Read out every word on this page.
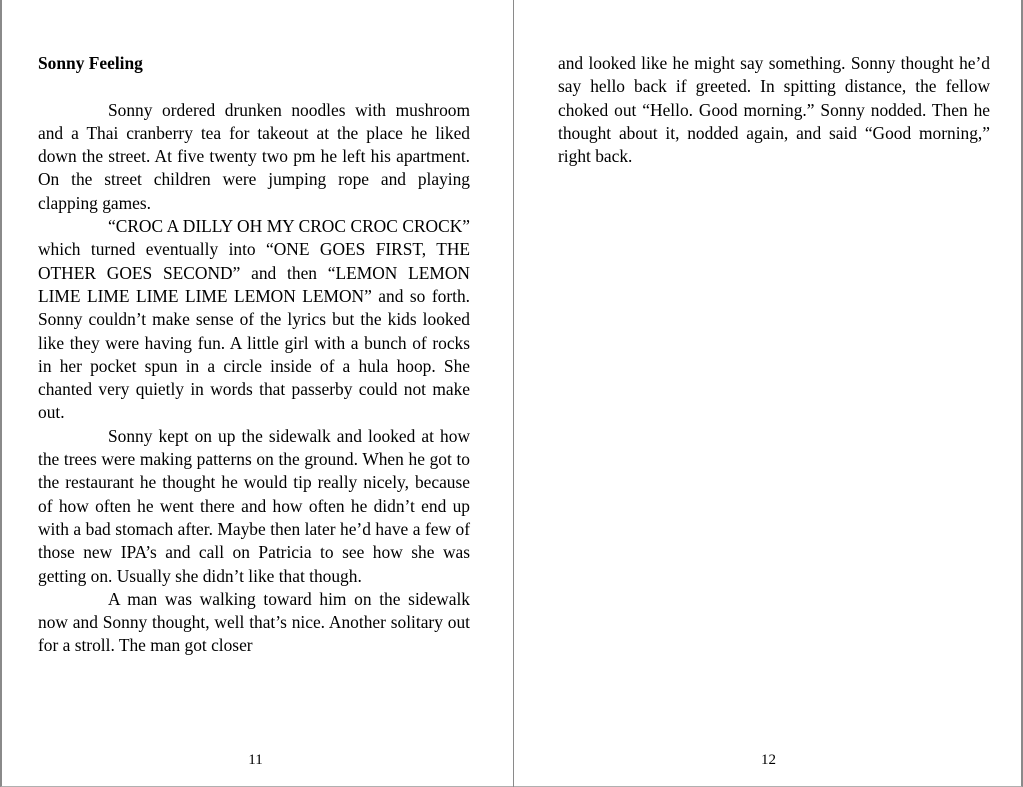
Sonny Feeling

Sonny ordered drunken noodles with mushroom and a Thai cranberry tea for takeout at the place he liked down the street. At five twenty two pm he left his apartment. On the street children were jumping rope and playing clapping games.

“CROC A DILLY OH MY CROC CROC CROCK” which turned eventually into “ONE GOES FIRST, THE OTHER GOES SECOND” and then “LEMON LEMON LIME LIME LIME LIME LEMON LEMON” and so forth. Sonny couldn’t make sense of the lyrics but the kids looked like they were having fun. A little girl with a bunch of rocks in her pocket spun in a circle inside of a hula hoop. She chanted very quietly in words that passerby could not make out.

Sonny kept on up the sidewalk and looked at how the trees were making patterns on the ground. When he got to the restaurant he thought he would tip really nicely, because of how often he went there and how often he didn’t end up with a bad stomach after. Maybe then later he’d have a few of those new IPA’s and call on Patricia to see how she was getting on. Usually she didn’t like that though.

A man was walking toward him on the sidewalk now and Sonny thought, well that’s nice. Another solitary out for a stroll. The man got closer

11

and looked like he might say something. Sonny thought he’d say hello back if greeted. In spitting distance, the fellow choked out “Hello. Good morning.” Sonny nodded. Then he thought about it, nodded again, and said “Good morning,” right back.

12
